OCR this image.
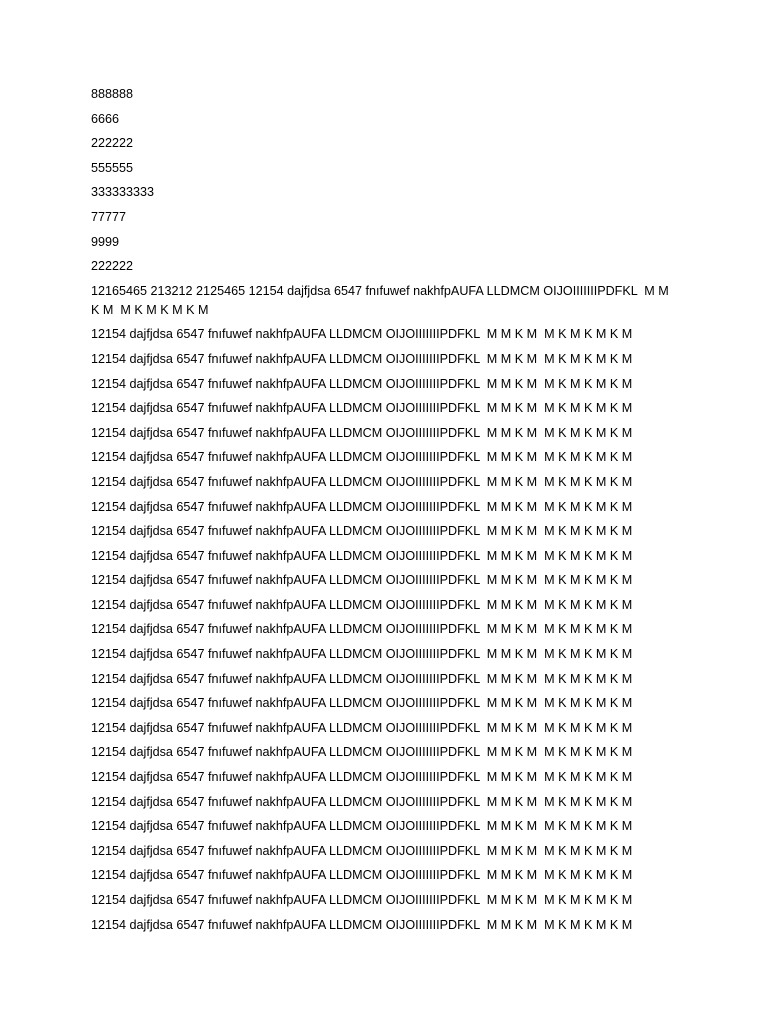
888888
6666
222222
555555
333333333
77777
9999
222222
12165465 213212 2125465 12154 dajfjdsa 6547 fnıfuwef nakhfpAUFA LLDMCM OIJOIIIIIIIPDFKL  M M
K M  M K M K M K M
12154 dajfjdsa 6547 fnıfuwef nakhfpAUFA LLDMCM OIJOIIIIIIIPDFKL  M M K M  M K M K M K M
12154 dajfjdsa 6547 fnıfuwef nakhfpAUFA LLDMCM OIJOIIIIIIIPDFKL  M M K M  M K M K M K M
12154 dajfjdsa 6547 fnıfuwef nakhfpAUFA LLDMCM OIJOIIIIIIIPDFKL  M M K M  M K M K M K M
12154 dajfjdsa 6547 fnıfuwef nakhfpAUFA LLDMCM OIJOIIIIIIIPDFKL  M M K M  M K M K M K M
12154 dajfjdsa 6547 fnıfuwef nakhfpAUFA LLDMCM OIJOIIIIIIIPDFKL  M M K M  M K M K M K M
12154 dajfjdsa 6547 fnıfuwef nakhfpAUFA LLDMCM OIJOIIIIIIIPDFKL  M M K M  M K M K M K M
12154 dajfjdsa 6547 fnıfuwef nakhfpAUFA LLDMCM OIJOIIIIIIIPDFKL  M M K M  M K M K M K M
12154 dajfjdsa 6547 fnıfuwef nakhfpAUFA LLDMCM OIJOIIIIIIIPDFKL  M M K M  M K M K M K M
12154 dajfjdsa 6547 fnıfuwef nakhfpAUFA LLDMCM OIJOIIIIIIIPDFKL  M M K M  M K M K M K M
12154 dajfjdsa 6547 fnıfuwef nakhfpAUFA LLDMCM OIJOIIIIIIIPDFKL  M M K M  M K M K M K M
12154 dajfjdsa 6547 fnıfuwef nakhfpAUFA LLDMCM OIJOIIIIIIIPDFKL  M M K M  M K M K M K M
12154 dajfjdsa 6547 fnıfuwef nakhfpAUFA LLDMCM OIJOIIIIIIIPDFKL  M M K M  M K M K M K M
12154 dajfjdsa 6547 fnıfuwef nakhfpAUFA LLDMCM OIJOIIIIIIIPDFKL  M M K M  M K M K M K M
12154 dajfjdsa 6547 fnıfuwef nakhfpAUFA LLDMCM OIJOIIIIIIIPDFKL  M M K M  M K M K M K M
12154 dajfjdsa 6547 fnıfuwef nakhfpAUFA LLDMCM OIJOIIIIIIIPDFKL  M M K M  M K M K M K M
12154 dajfjdsa 6547 fnıfuwef nakhfpAUFA LLDMCM OIJOIIIIIIIPDFKL  M M K M  M K M K M K M
12154 dajfjdsa 6547 fnıfuwef nakhfpAUFA LLDMCM OIJOIIIIIIIPDFKL  M M K M  M K M K M K M
12154 dajfjdsa 6547 fnıfuwef nakhfpAUFA LLDMCM OIJOIIIIIIIPDFKL  M M K M  M K M K M K M
12154 dajfjdsa 6547 fnıfuwef nakhfpAUFA LLDMCM OIJOIIIIIIIPDFKL  M M K M  M K M K M K M
12154 dajfjdsa 6547 fnıfuwef nakhfpAUFA LLDMCM OIJOIIIIIIIPDFKL  M M K M  M K M K M K M
12154 dajfjdsa 6547 fnıfuwef nakhfpAUFA LLDMCM OIJOIIIIIIIPDFKL  M M K M  M K M K M K M
12154 dajfjdsa 6547 fnıfuwef nakhfpAUFA LLDMCM OIJOIIIIIIIPDFKL  M M K M  M K M K M K M
12154 dajfjdsa 6547 fnıfuwef nakhfpAUFA LLDMCM OIJOIIIIIIIPDFKL  M M K M  M K M K M K M
12154 dajfjdsa 6547 fnıfuwef nakhfpAUFA LLDMCM OIJOIIIIIIIPDFKL  M M K M  M K M K M K M
12154 dajfjdsa 6547 fnıfuwef nakhfpAUFA LLDMCM OIJOIIIIIIIPDFKL  M M K M  M K M K M K M
